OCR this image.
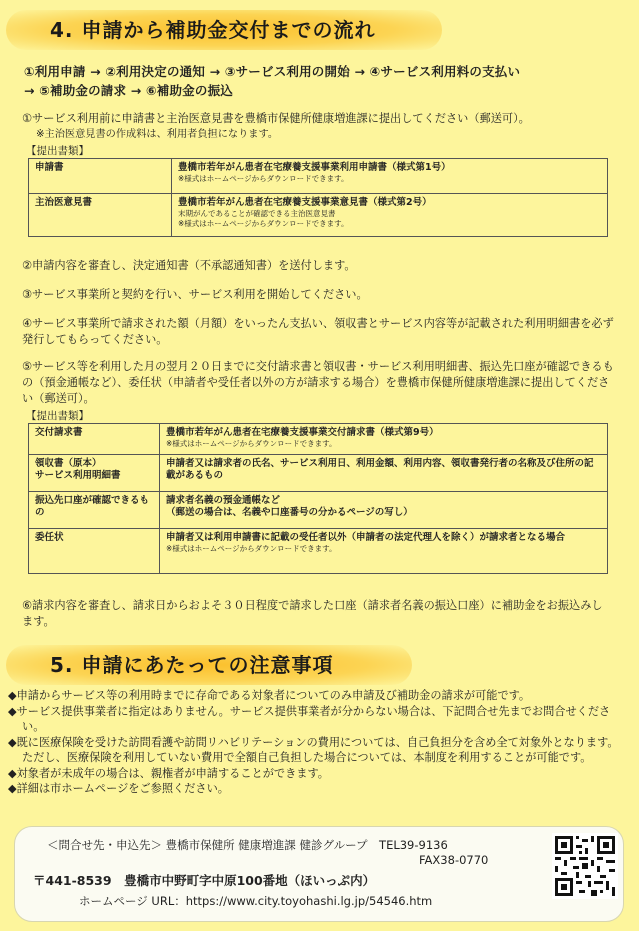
4. 申請から補助金交付までの流れ
①利用申請 → ②利用決定の通知 → ③サービス利用の開始 → ④サービス利用料の支払い
→ ⑤補助金の請求 → ⑥補助金の振込
①サービス利用前に申請書と主治医意見書を豊橋市保健所健康増進課に提出してください（郵送可）。
※主治医意見書の作成料は、利用者負担になります。
【提出書類】
申請書	豊橋市若年がん患者在宅療養支援事業利用申請書（様式第1号）
※様式はホームページからダウンロードできます。

主治医意見書	豊橋市若年がん患者在宅療養支援事業意見書（様式第2号）
末期がんであることが確認できる主治医意見書
※様式はホームページからダウンロードできます。
②申請内容を審査し、決定通知書（不承認通知書）を送付します。
③サービス事業所と契約を行い、サービス利用を開始してください。
④サービス事業所で請求された額（月額）をいったん支払い、領収書とサービス内容等が記載された利用明細書を必ず発行してもらってください。
⑤サービス等を利用した月の翌月２０日までに交付請求書と領収書・サービス利用明細書、振込先口座が確認できるもの（預金通帳など）、委任状（申請者や受任者以外の方が請求する場合）を豊橋市保健所健康増進課に提出してください（郵送可）。
【提出書類】
交付請求書	豊橋市若年がん患者在宅療養支援事業交付請求書（様式第9号）
※様式はホームページからダウンロードできます。

領収書（原本）
サービス利用明細書	申請者又は請求者の氏名、サービス利用日、利用金額、利用内容、領収書発行者の名称及び住所の記載があるもの

振込先口座が確認できるもの	請求者名義の預金通帳など
（郵送の場合は、名義や口座番号の分かるページの写し）

委任状	申請者又は利用申請書に記載の受任者以外（申請者の法定代理人を除く）が請求者となる場合
※様式はホームページからダウンロードできます。
⑥請求内容を審査し、請求日からおよそ３０日程度で請求した口座（請求者名義の振込口座）に補助金をお振込みします。
5. 申請にあたっての注意事項
◆申請からサービス等の利用時までに存命である対象者についてのみ申請及び補助金の請求が可能です。
◆サービス提供事業者に指定はありません。サービス提供事業者が分からない場合は、下記問合せ先までお問合せください。
◆既に医療保険を受けた訪問看護や訪問リハビリテーションの費用については、自己負担分を含め全て対象外となります。ただし、医療保険を利用していない費用で全額自己負担した場合については、本制度を利用することが可能です。
◆対象者が未成年の場合は、親権者が申請することができます。
◆詳細は市ホームページをご参照ください。
＜問合せ先・申込先＞ 豊橋市保健所 健康増進課 健診グループ　TEL39-9136
FAX38-0770
〒441-8539　豊橋市中野町字中原100番地（ほいっぷ内）
ホームページ URL：https://www.city.toyohashi.lg.jp/54546.htm
